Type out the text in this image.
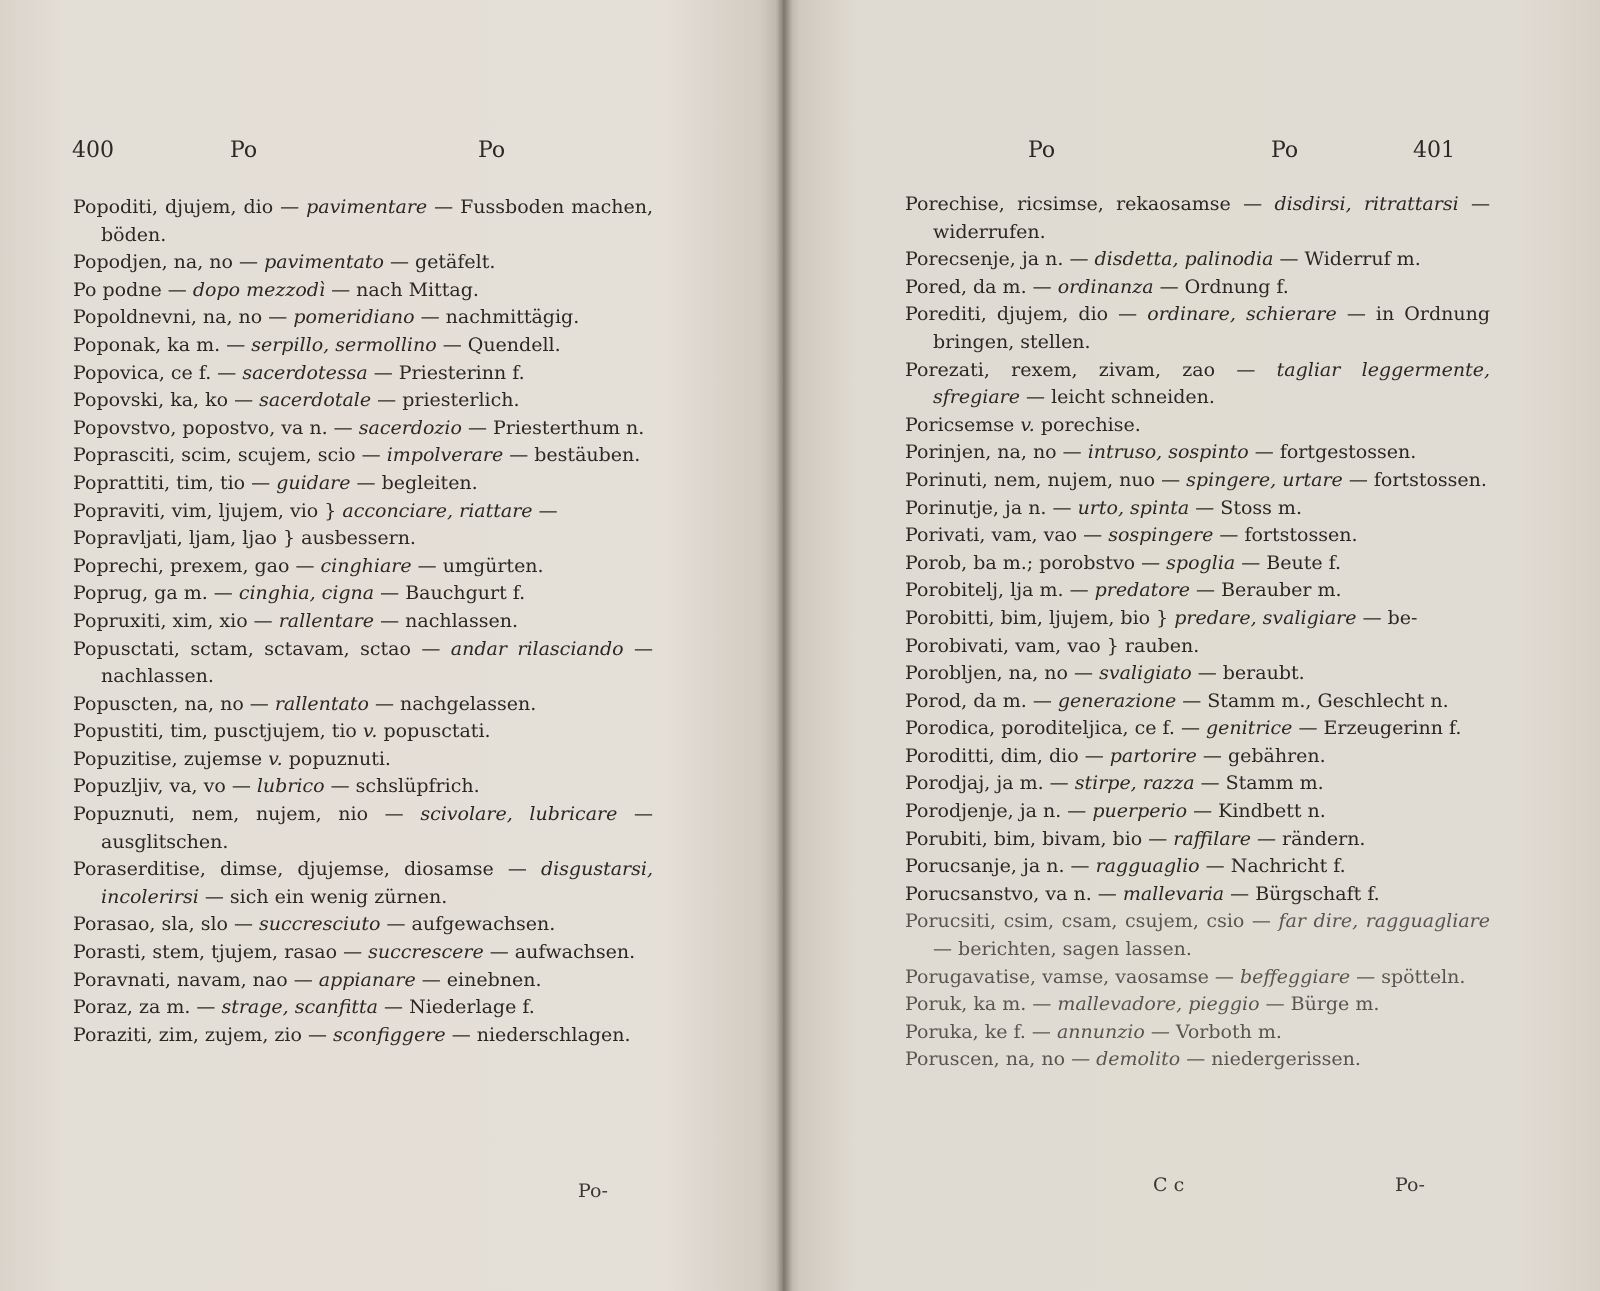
400	Po	Po
Popoditi, djujem, dio — pavimentare — Fussboden machen, böden.
Popodjen, na, no — pavimentato — getäfelt.
Po podne — dopo mezzodì — nach Mittag.
Popoldnevni, na, no — pomeridiano — nachmittägig.
Poponak, ka m. — serpillo, sermollino — Quendell.
Popovica, ce f. — sacerdotessa — Priesterinn f.
Popovski, ka, ko — sacerdotale — priesterlich.
Popovstvo, popostvo, va n. — sacerdozio — Priesterthum n.
Poprasciti, scim, scujem, scio — impolverare — bestäuben.
Poprattiti, tim, tio — guidare — begleiten.
Popraviti, vim, ljujem, vio } acconciare, riattare —
Popravljati, ljam, ljao } ausbessern.
Poprechi, prexem, gao — cinghiare — umgürten.
Poprug, ga m. — cinghia, cigna — Bauchgurt f.
Popruxiti, xim, xio — rallentare — nachlassen.
Popusctati, sctam, sctavam, sctao — andar rilasciando — nachlassen.
Popuscten, na, no — rallentato — nachgelassen.
Popustiti, tim, pusctjujem, tio v. popusctati.
Popuzitise, zujemse v. popuznuti.
Popuzljiv, va, vo — lubrico — schslüpfrich.
Popuznuti, nem, nujem, nio — scivolare, lubricare — ausglitschen.
Poraserditise, dimse, djujemse, diosamse — disgustarsi, incolerirsi — sich ein wenig zürnen.
Porasao, sla, slo — succresciuto — aufgewachsen.
Porasti, stem, tjujem, rasao — succrescere — aufwachsen.
Poravnati, navam, nao — appianare — einebnen.
Poraz, za m. — strage, scanfitta — Niederlage f.
Poraziti, zim, zujem, zio — sconfiggere — niederschlagen.
Po-
Po	Po	401
Porechise, ricsimse, rekaosamse — disdirsi, ritrattarsi — widerrufen.
Porecsenje, ja n. — disdetta, palinodia — Widerruf m.
Pored, da m. — ordinanza — Ordnung f.
Porediti, djujem, dio — ordinare, schierare — in Ordnung bringen, stellen.
Porezati, rexem, zivam, zao — tagliar leggermente, sfregiare — leicht schneiden.
Poricsemse v. porechise.
Porinjen, na, no — intruso, sospinto — fortgestossen.
Porinuti, nem, nujem, nuo — spingere, urtare — fortstossen.
Porinutje, ja n. — urto, spinta — Stoss m.
Porivati, vam, vao — sospingere — fortstossen.
Porob, ba m.; porobstvo — spoglia — Beute f.
Porobitelj, lja m. — predatore — Berauber m.
Porobitti, bim, ljujem, bio } predare, svaligiare — be-
Porobivati, vam, vao } rauben.
Porobljen, na, no — svaligiato — beraubt.
Porod, da m. — generazione — Stamm m., Geschlecht n.
Porodica, poroditeljica, ce f. — genitrice — Erzeugerinn f.
Poroditti, dim, dio — partorire — gebähren.
Porodjaj, ja m. — stirpe, razza — Stamm m.
Porodjenje, ja n. — puerperio — Kindbett n.
Porubiti, bim, bivam, bio — raffilare — rändern.
Porucsanje, ja n. — ragguaglio — Nachricht f.
Porucsanstvo, va n. — mallevaria — Bürgschaft f.
Porucsiti, csim, csam, csujem, csio — far dire, ragguagliare — berichten, sagen lassen.
Porugavatise, vamse, vaosamse — beffeggiare — spötteln.
Poruk, ka m. — mallevadore, pieggio — Bürge m.
Poruka, ke f. — annunzio — Vorboth m.
Poruscen, na, no — demolito — niedergerissen.
C c	Po-
